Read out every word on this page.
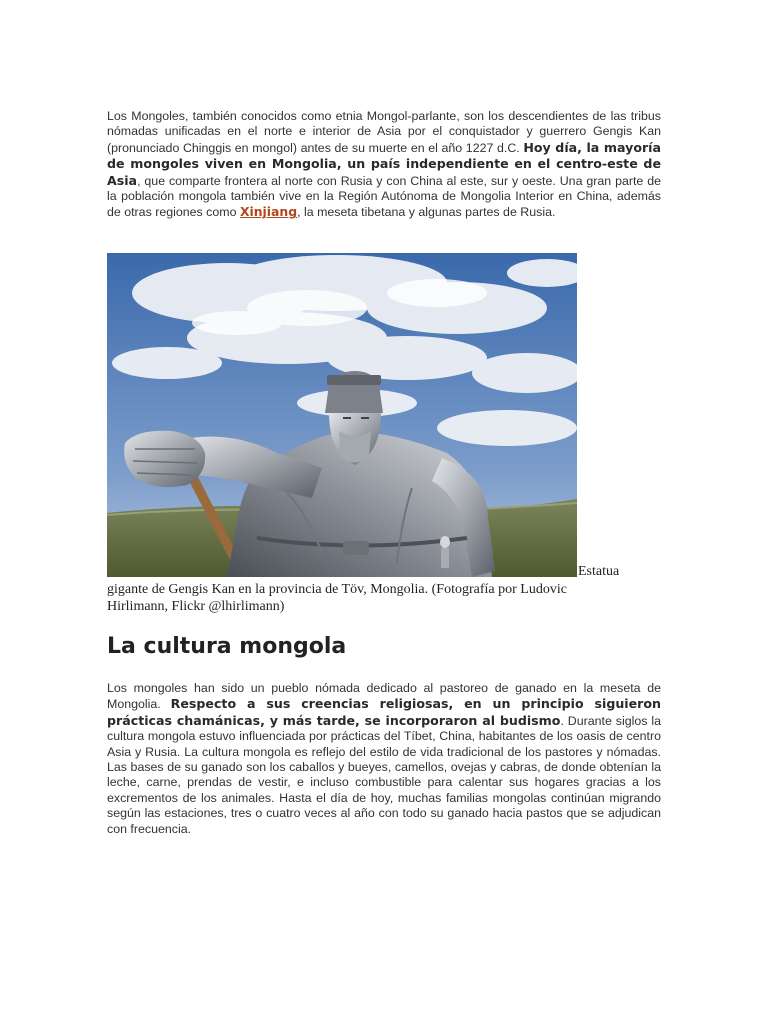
Los Mongoles, también conocidos como etnia Mongol-parlante, son los descendientes de las tribus nómadas unificadas en el norte e interior de Asia por el conquistador y guerrero Gengis Kan (pronunciado Chinggis en mongol) antes de su muerte en el año 1227 d.C. Hoy día, la mayoría de mongoles viven en Mongolia, un país independiente en el centro-este de Asia, que comparte frontera al norte con Rusia y con China al este, sur y oeste. Una gran parte de la población mongola también vive en la Región Autónoma de Mongolia Interior en China, además de otras regiones como Xinjiang, la meseta tibetana y algunas partes de Rusia.
Estatua
gigante de Gengis Kan en la provincia de Töv, Mongolia. (Fotografía por Ludovic Hirlimann, Flickr @lhirlimann)
La cultura mongola
Los mongoles han sido un pueblo nómada dedicado al pastoreo de ganado en la meseta de Mongolia. Respecto a sus creencias religiosas, en un principio siguieron prácticas chamánicas, y más tarde, se incorporaron al budismo. Durante siglos la cultura mongola estuvo influenciada por prácticas del Tíbet, China, habitantes de los oasis de centro Asia y Rusia. La cultura mongola es reflejo del estilo de vida tradicional de los pastores y nómadas. Las bases de su ganado son los caballos y bueyes, camellos, ovejas y cabras, de donde obtenían la leche, carne, prendas de vestir, e incluso combustible para calentar sus hogares gracias a los excrementos de los animales. Hasta el día de hoy, muchas familias mongolas continúan migrando según las estaciones, tres o cuatro veces al año con todo su ganado hacia pastos que se adjudican con frecuencia.
